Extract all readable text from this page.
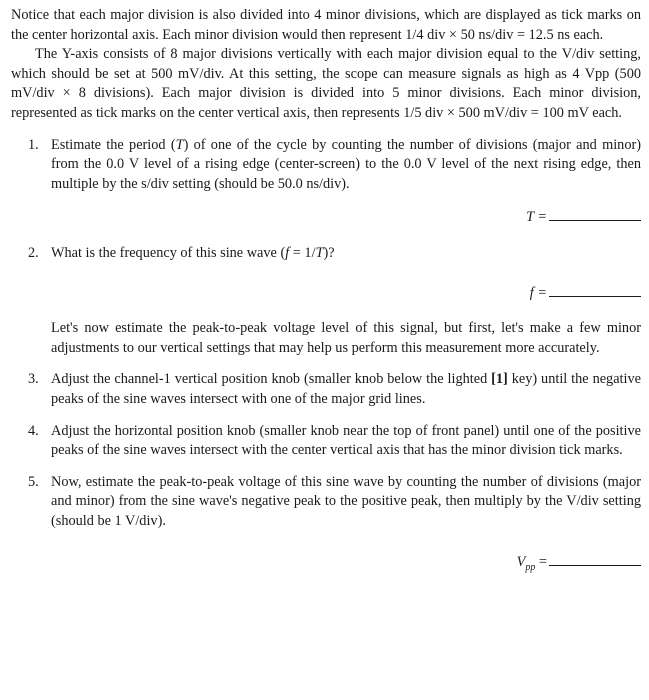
Notice that each major division is also divided into 4 minor divisions, which are displayed as tick marks on the center horizontal axis. Each minor division would then represent 1/4 div × 50 ns/div = 12.5 ns each.

The Y-axis consists of 8 major divisions vertically with each major division equal to the V/div setting, which should be set at 500 mV/div. At this setting, the scope can measure signals as high as 4 Vpp (500 mV/div × 8 divisions). Each major division is divided into 5 minor divisions. Each minor division, represented as tick marks on the center vertical axis, then represents 1/5 div × 500 mV/div = 100 mV each.

1. Estimate the period (T) of one of the cycle by counting the number of divisions (major and minor) from the 0.0 V level of a rising edge (center-screen) to the 0.0 V level of the next rising edge, then multiple by the s/div setting (should be 50.0 ns/div).
T =
2. What is the frequency of this sine wave (f = 1/T)?
f =

Let's now estimate the peak-to-peak voltage level of this signal, but first, let's make a few minor adjustments to our vertical settings that may help us perform this measurement more accurately.

3. Adjust the channel-1 vertical position knob (smaller knob below the lighted [1] key) until the negative peaks of the sine waves intersect with one of the major grid lines.
4. Adjust the horizontal position knob (smaller knob near the top of front panel) until one of the positive peaks of the sine waves intersect with the center vertical axis that has the minor division tick marks.
5. Now, estimate the peak-to-peak voltage of this sine wave by counting the number of divisions (major and minor) from the sine wave's negative peak to the positive peak, then multiply by the V/div setting (should be 1 V/div).
$V_{pp}$ =
